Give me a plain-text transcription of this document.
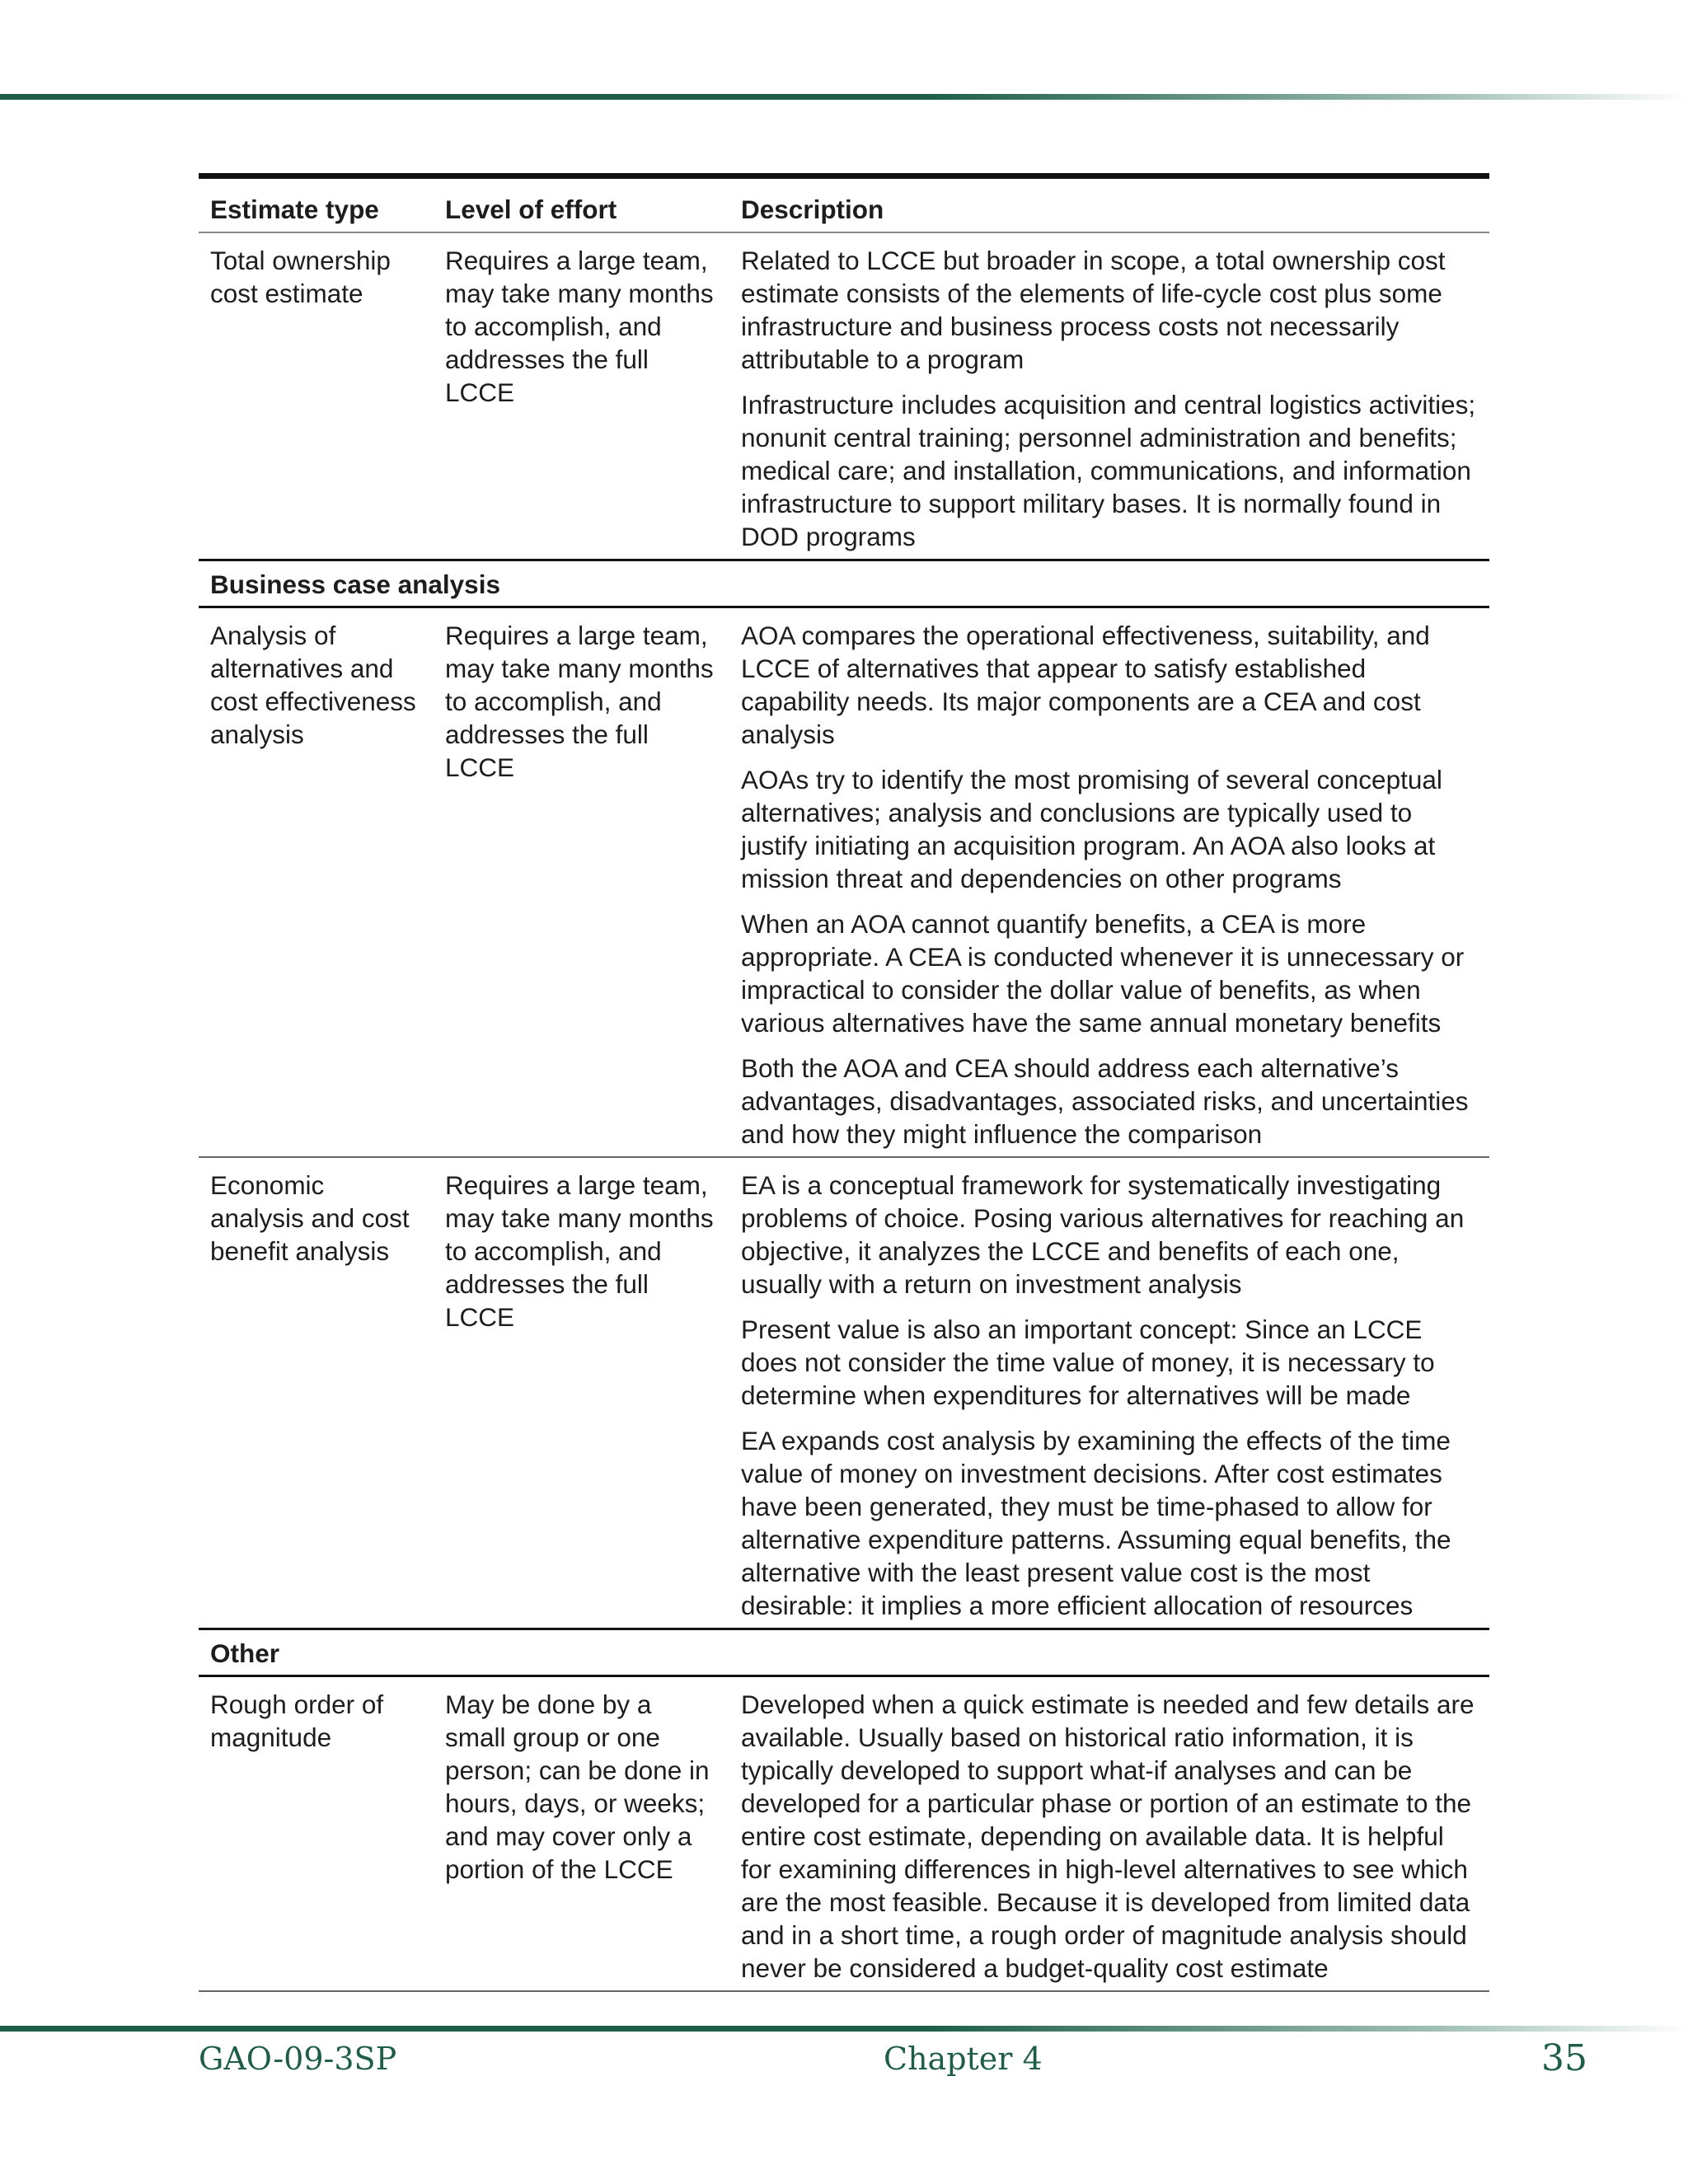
Estimate type	Level of effort	Description
Total ownership cost estimate	Requires a large team, may take many months to accomplish, and addresses the full LCCE	Related to LCCE but broader in scope, a total ownership cost estimate consists of the elements of life-cycle cost plus some infrastructure and business process costs not necessarily attributable to a program

Infrastructure includes acquisition and central logistics activities; nonunit central training; personnel administration and benefits; medical care; and installation, communications, and information infrastructure to support military bases. It is normally found in DOD programs

Business case analysis		
Analysis of alternatives and cost effectiveness analysis	Requires a large team, may take many months to accomplish, and addresses the full LCCE	AOA compares the operational effectiveness, suitability, and LCCE of alternatives that appear to satisfy established capability needs. Its major components are a CEA and cost analysis

AOAs try to identify the most promising of several conceptual alternatives; analysis and conclusions are typically used to justify initiating an acquisition program. An AOA also looks at mission threat and dependencies on other programs

When an AOA cannot quantify benefits, a CEA is more appropriate. A CEA is conducted whenever it is unnecessary or impractical to consider the dollar value of benefits, as when various alternatives have the same annual monetary benefits

Both the AOA and CEA should address each alternative’s advantages, disadvantages, associated risks, and uncertainties and how they might influence the comparison

Economic analysis and cost benefit analysis	Requires a large team, may take many months to accomplish, and addresses the full LCCE	EA is a conceptual framework for systematically investigating problems of choice. Posing various alternatives for reaching an objective, it analyzes the LCCE and benefits of each one, usually with a return on investment analysis

Present value is also an important concept: Since an LCCE does not consider the time value of money, it is necessary to determine when expenditures for alternatives will be made

EA expands cost analysis by examining the effects of the time value of money on investment decisions. After cost estimates have been generated, they must be time-phased to allow for alternative expenditure patterns. Assuming equal benefits, the alternative with the least present value cost is the most desirable: it implies a more efficient allocation of resources

Other		
Rough order of magnitude	May be done by a small group or one person; can be done in hours, days, or weeks; and may cover only a portion of the LCCE	Developed when a quick estimate is needed and few details are available. Usually based on historical ratio information, it is typically developed to support what-if analyses and can be developed for a particular phase or portion of an estimate to the entire cost estimate, depending on available data. It is helpful for examining differences in high-level alternatives to see which are the most feasible. Because it is developed from limited data and in a short time, a rough order of magnitude analysis should never be considered a budget-quality cost estimate

GAO-09-3SP	Chapter 4	35
